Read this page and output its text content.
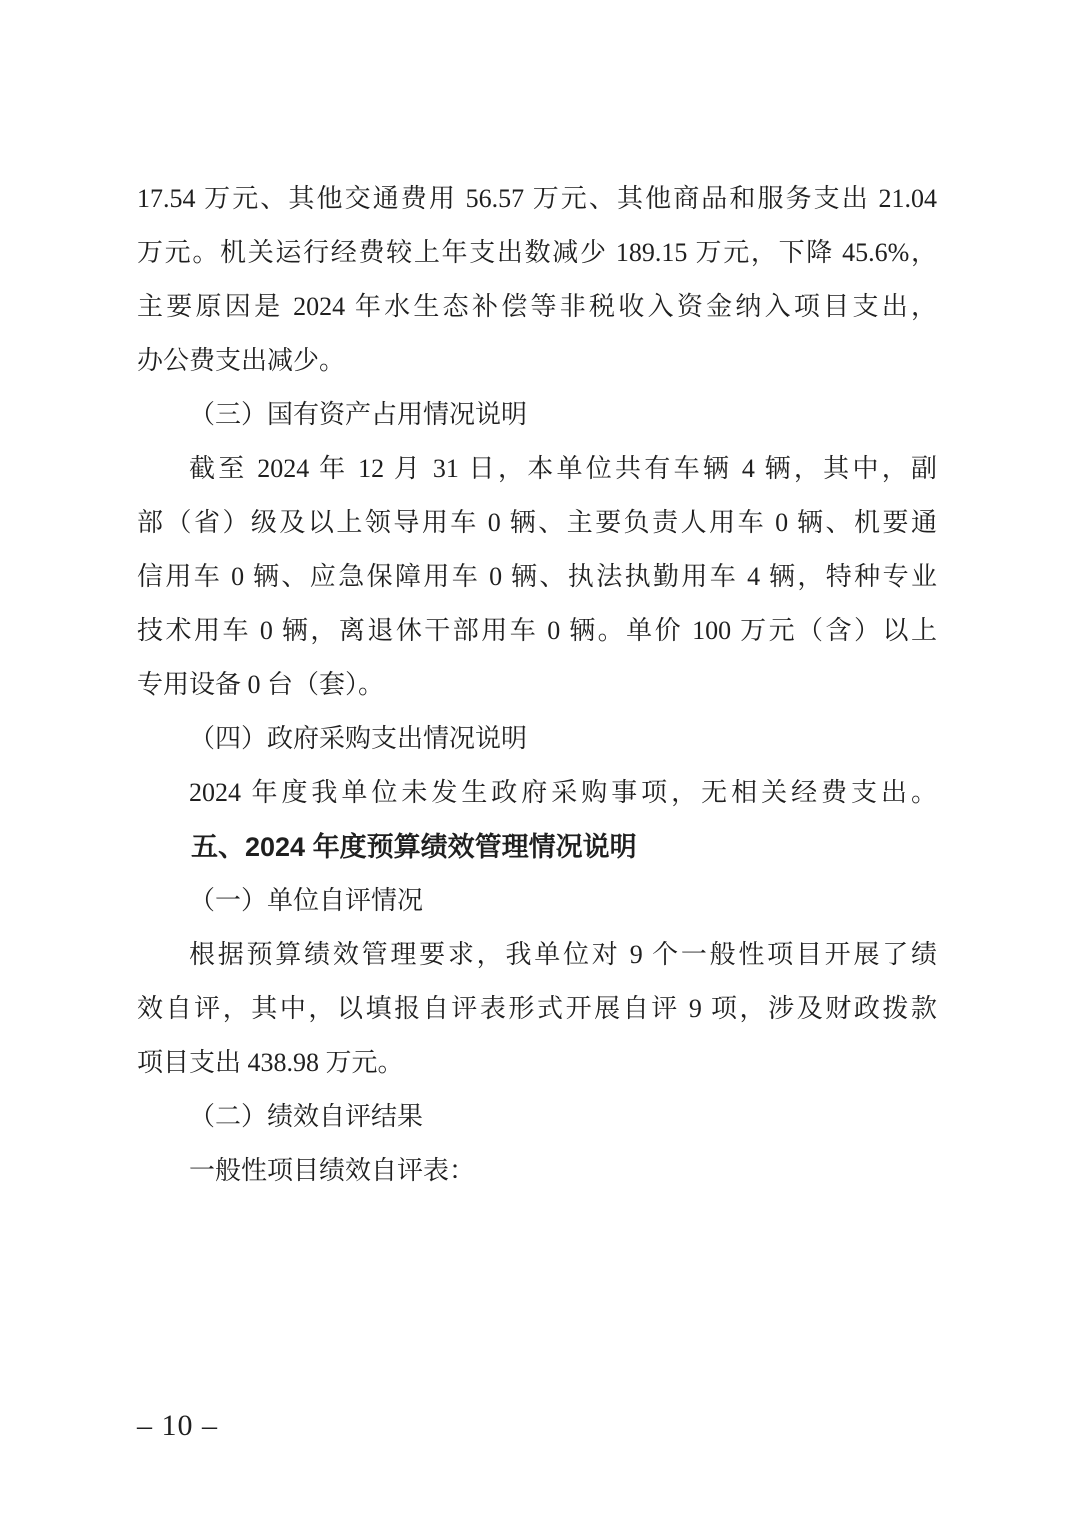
17.54 万元、其他交通费用 56.57 万元、其他商品和服务支出 21.04
万元。机关运行经费较上年支出数减少 189.15 万元，下降 45.6%，
主要原因是 2024 年水生态补偿等非税收入资金纳入项目支出，
办公费支出减少。
（三）国有资产占用情况说明
截至 2024 年 12 月 31 日，本单位共有车辆 4 辆，其中，副
部（省）级及以上领导用车 0 辆、主要负责人用车 0 辆、机要通
信用车 0 辆、应急保障用车 0 辆、执法执勤用车 4 辆，特种专业
技术用车 0 辆，离退休干部用车 0 辆。单价 100 万元（含）以上
专用设备 0 台（套）。
（四）政府采购支出情况说明
2024 年度我单位未发生政府采购事项，无相关经费支出。
五、2024 年度预算绩效管理情况说明
（一）单位自评情况
根据预算绩效管理要求，我单位对 9 个一般性项目开展了绩
效自评，其中，以填报自评表形式开展自评 9 项，涉及财政拨款
项目支出 438.98 万元。
（二）绩效自评结果
一般性项目绩效自评表：
– 10 –
